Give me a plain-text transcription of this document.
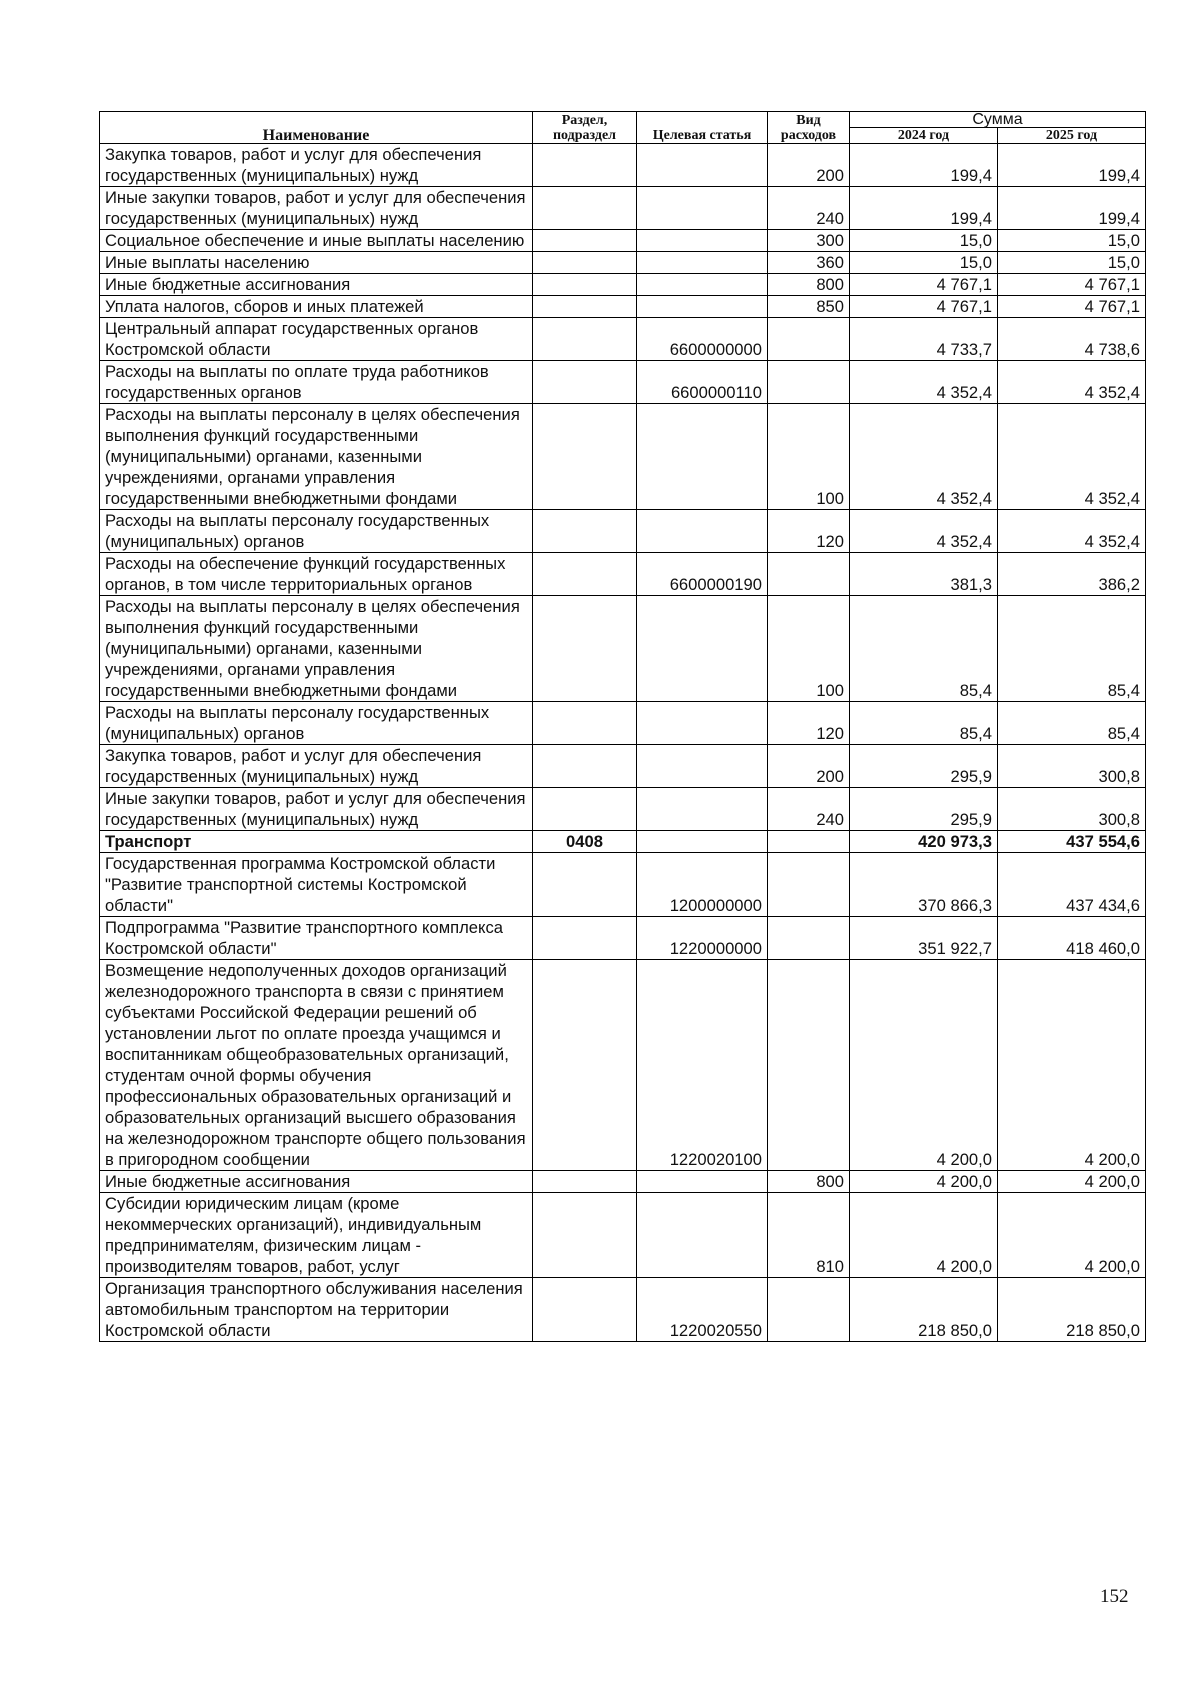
Наименование	Раздел, подраздел	Целевая статья	Вид расходов	Сумма	
				2024 год	2025 год
Закупка товаров, работ и услуг для обеспечения государственных (муниципальных) нужд			200	199,4	199,4
Иные закупки товаров, работ и услуг для обеспечения государственных (муниципальных) нужд			240	199,4	199,4
Социальное обеспечение и иные выплаты населению			300	15,0	15,0
Иные выплаты населению			360	15,0	15,0
Иные бюджетные ассигнования			800	4 767,1	4 767,1
Уплата налогов, сборов и иных платежей			850	4 767,1	4 767,1
Центральный аппарат государственных органов Костромской области		6600000000		4 733,7	4 738,6
Расходы на выплаты по оплате труда работников государственных органов		6600000110		4 352,4	4 352,4
Расходы на выплаты персоналу в целях обеспечения выполнения функций государственными (муниципальными) органами, казенными учреждениями, органами управления государственными внебюджетными фондами			100	4 352,4	4 352,4
Расходы на выплаты персоналу государственных (муниципальных) органов			120	4 352,4	4 352,4
Расходы на обеспечение функций государственных органов, в том числе территориальных органов		6600000190		381,3	386,2
Расходы на выплаты персоналу в целях обеспечения выполнения функций государственными (муниципальными) органами, казенными учреждениями, органами управления государственными внебюджетными фондами			100	85,4	85,4
Расходы на выплаты персоналу государственных (муниципальных) органов			120	85,4	85,4
Закупка товаров, работ и услуг для обеспечения государственных (муниципальных) нужд			200	295,9	300,8
Иные закупки товаров, работ и услуг для обеспечения государственных (муниципальных) нужд			240	295,9	300,8
Транспорт	0408			420 973,3	437 554,6
Государственная программа Костромской области "Развитие транспортной системы Костромской области"		1200000000		370 866,3	437 434,6
Подпрограмма "Развитие транспортного комплекса Костромской области"		1220000000		351 922,7	418 460,0
Возмещение недополученных доходов организаций железнодорожного транспорта в связи с принятием субъектами Российской Федерации решений об установлении льгот по оплате проезда учащимся и воспитанникам общеобразовательных организаций, студентам очной формы обучения профессиональных образовательных организаций и образовательных организаций высшего образования на железнодорожном транспорте общего пользования в пригородном сообщении		1220020100		4 200,0	4 200,0
Иные бюджетные ассигнования			800	4 200,0	4 200,0
Субсидии юридическим лицам (кроме некоммерческих организаций), индивидуальным предпринимателям, физическим лицам - производителям товаров, работ, услуг			810	4 200,0	4 200,0
Организация транспортного обслуживания населения автомобильным транспортом на территории Костромской области		1220020550		218 850,0	218 850,0
152
